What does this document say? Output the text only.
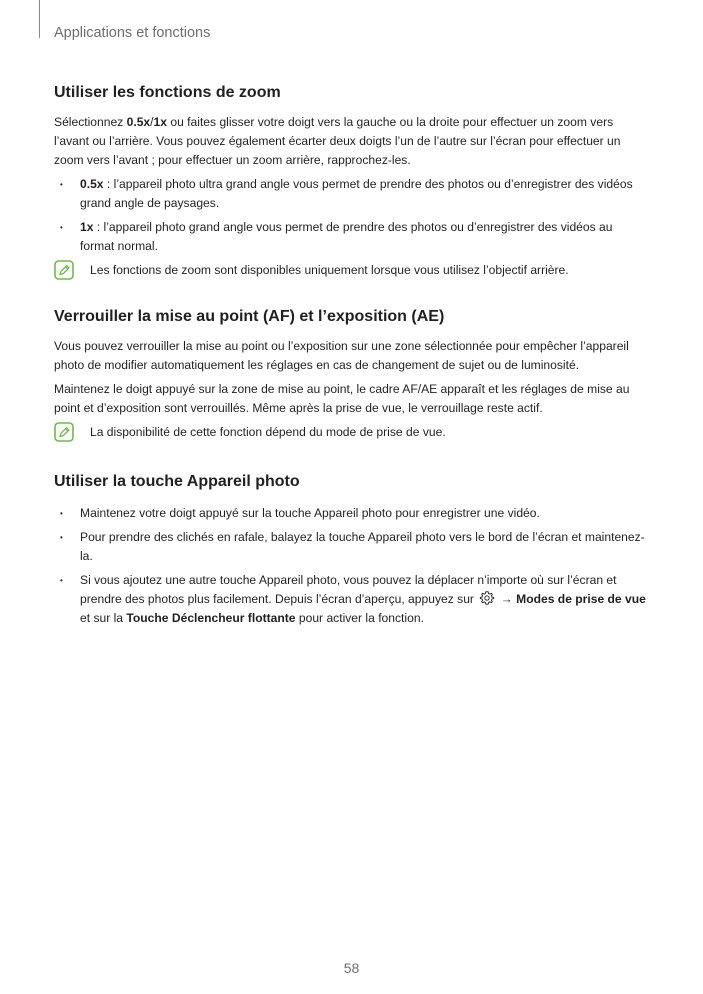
Applications et fonctions
Utiliser les fonctions de zoom

Sélectionnez 0.5x/1x ou faites glisser votre doigt vers la gauche ou la droite pour effectuer un zoom vers l’avant ou l’arrière. Vous pouvez également écarter deux doigts l’un de l’autre sur l’écran pour effectuer un zoom vers l’avant ; pour effectuer un zoom arrière, rapprochez-les.

• 0.5x : l’appareil photo ultra grand angle vous permet de prendre des photos ou d’enregistrer des vidéos grand angle de paysages.
• 1x : l’appareil photo grand angle vous permet de prendre des photos ou d’enregistrer des vidéos au format normal.
Les fonctions de zoom sont disponibles uniquement lorsque vous utilisez l’objectif arrière.
Verrouiller la mise au point (AF) et l’exposition (AE)

Vous pouvez verrouiller la mise au point ou l’exposition sur une zone sélectionnée pour empêcher l’appareil photo de modifier automatiquement les réglages en cas de changement de sujet ou de luminosité.

Maintenez le doigt appuyé sur la zone de mise au point, le cadre AF/AE apparaît et les réglages de mise au point et d’exposition sont verrouillés. Même après la prise de vue, le verrouillage reste actif.

La disponibilité de cette fonction dépend du mode de prise de vue.
Utiliser la touche Appareil photo
• Maintenez votre doigt appuyé sur la touche Appareil photo pour enregistrer une vidéo.
• Pour prendre des clichés en rafale, balayez la touche Appareil photo vers le bord de l’écran et maintenez-la.
• Si vous ajoutez une autre touche Appareil photo, vous pouvez la déplacer n’importe où sur l’écran et prendre des photos plus facilement. Depuis l’écran d’aperçu, appuyez sur  → Modes de prise de vue et sur la Touche Déclencheur flottante pour activer la fonction.
58
